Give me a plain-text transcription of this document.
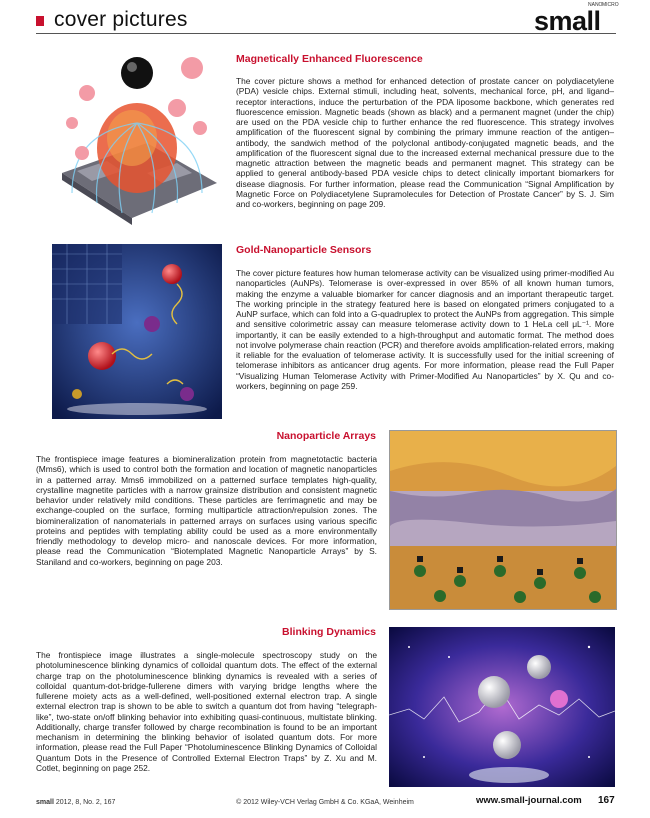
cover pictures	small
NANO MICRO
Magnetically Enhanced Fluorescence
The cover picture shows a method for enhanced detection of prostate cancer on polydiacetylene (PDA) vesicle chips. External stimuli, including heat, solvents, mechanical force, pH, and ligand–receptor interactions, induce the perturbation of the PDA liposome backbone, which generates red fluorescence emission. Magnetic beads (shown as black) and a permanent magnet (under the chip) are used on the PDA vesicle chip to further enhance the red fluorescence. This strategy involves amplification of the fluorescent signal by combining the primary immune reaction of the antigen–antibody, the sandwich method of the polyclonal antibody-conjugated magnetic beads, and the amplification of the fluorescent signal due to the increased external mechanical pressure due to the magnetic attraction between the magnetic beads and permanent magnet. This strategy can be applied to general antibody-based PDA vesicle chips to detect clinically important biomarkers for disease diagnosis. For further information, please read the Communication “Signal Amplification by Magnetic Force on Polydiacetylene Supramolecules for Detection of Prostate Cancer” by S. J. Sim and co-workers, beginning on page 209.
Gold-Nanoparticle Sensors
The cover picture features how human telomerase activity can be visualized using primer-modified Au nanoparticles (AuNPs). Telomerase is over-expressed in over 85% of all known human tumors, making the enzyme a valuable biomarker for cancer diagnosis and an important therapeutic target. The working principle in the strategy featured here is based on elongated primers conjugated to a AuNP surface, which can fold into a G-quadruplex to protect the AuNPs from aggregation. This simple and sensitive colorimetric assay can measure telomerase activity down to 1 HeLa cell μL⁻¹. More importantly, it can be easily extended to a high-throughput and automatic format. The method does not involve polymerase chain reaction (PCR) and therefore avoids amplification-related errors, making it reliable for the evaluation of telomerase activity. It is successfully used for the initial screening of telomerase inhibitors as anticancer drug agents. For more information, please read the Full Paper “Visualizing Human Telomerase Activity with Primer-Modified Au Nanoparticles” by X. Qu and co-workers, beginning on page 259.
Nanoparticle Arrays
The frontispiece image features a biomineralization protein from magnetotactic bacteria (Mms6), which is used to control both the formation and location of magnetic nanoparticles in a patterned array. Mms6 immobilized on a patterned surface templates high-quality, crystalline magnetite particles with a narrow grainsize distribution and consistent magnetic behavior under relatively mild conditions. These particles are ferrimagnetic and may be exchange-coupled on the surface, forming multiparticle attraction/repulsion zones. The biomineralization of nanomaterials in patterned arrays on surfaces using various specific proteins and peptides with templating ability could be used as a more environmentally friendly methodology to develop micro- and nanoscale devices. For more information, please read the Communication “Biotemplated Magnetic Nanoparticle Arrays” by S. Staniland and co-workers, beginning on page 203.
Blinking Dynamics
The frontispiece image illustrates a single-molecule spectroscopy study on the photoluminescence blinking dynamics of colloidal quantum dots. The effect of the external charge trap on the photoluminescence blinking dynamics is revealed with a series of colloidal quantum-dot-bridge-fullerene dimers with varying bridge lengths where the fullerene moiety acts as a well-defined, well-positioned external electron trap. A single external electron trap is shown to be able to switch a quantum dot from having “telegraph-like”, two-state on/off blinking behavior into exhibiting quasi-continuous, multistate blinking. Additionally, charge transfer followed by charge recombination is found to be an important mechanism in determining the blinking behavior of isolated quantum dots. For more information, please read the Full Paper “Photoluminescence Blinking Dynamics of Colloidal Quantum Dots in the Presence of Controlled External Electron Traps” by Z. Xu and M. Cotlet, beginning on page 252.
small 2012, 8, No. 2, 167	© 2012 Wiley-VCH Verlag GmbH & Co. KGaA, Weinheim	www.small-journal.com 167
